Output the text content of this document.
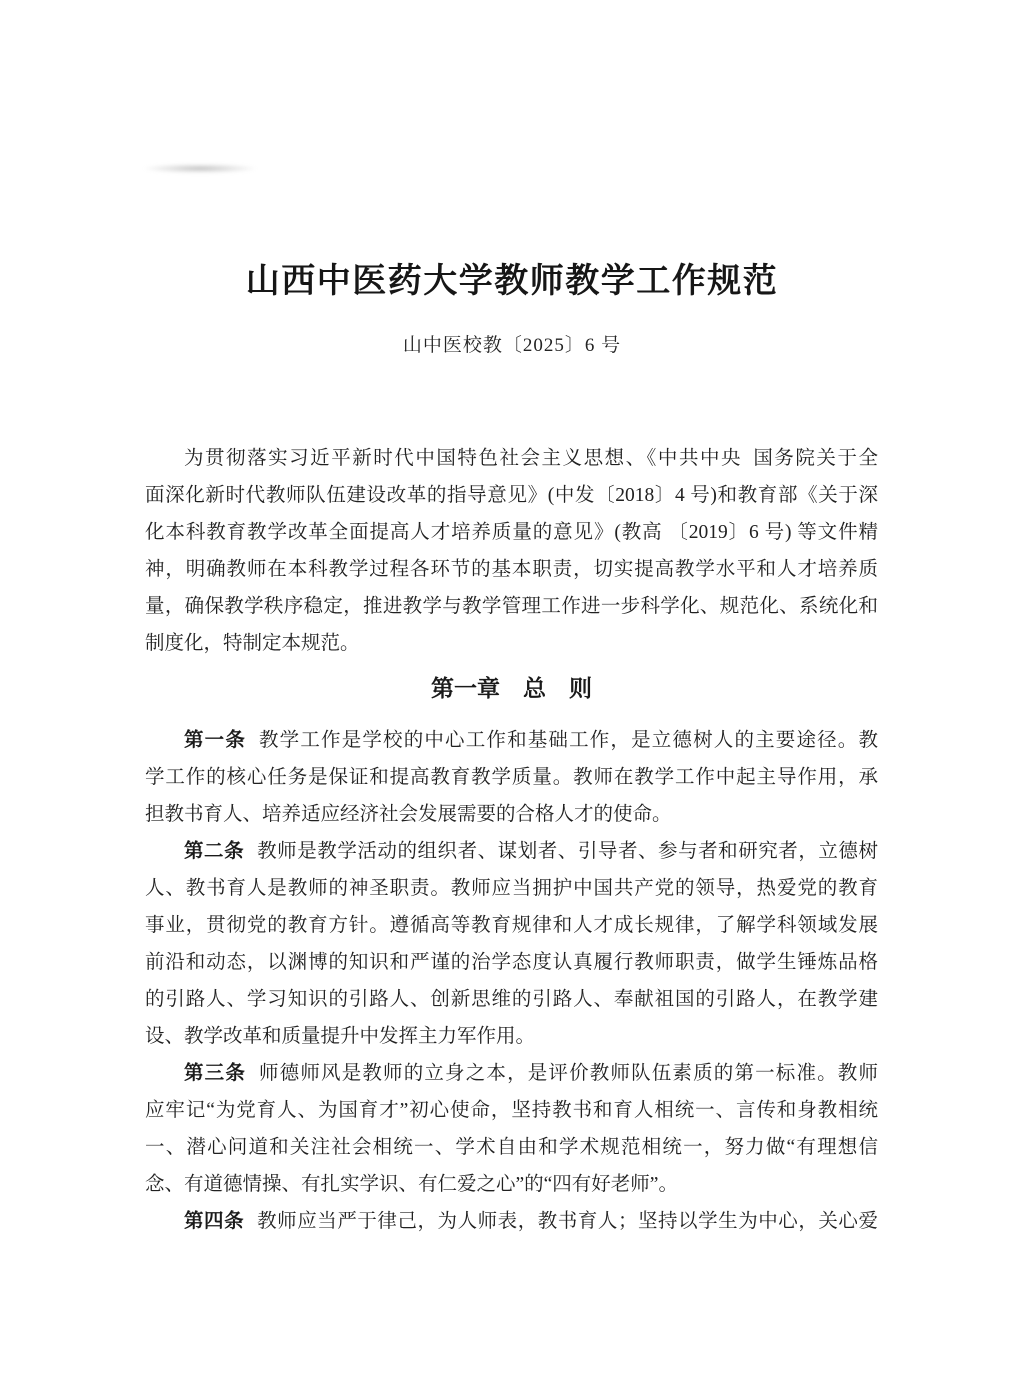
山西中医药大学教师教学工作规范
山中医校教〔2025〕6 号
为贯彻落实习近平新时代中国特色社会主义思想、《中共中央 国务院关于全
面深化新时代教师队伍建设改革的指导意见》(中发〔2018〕4 号)和教育部《关于深
化本科教育教学改革全面提高人才培养质量的意见》(教高 〔2019〕6 号) 等文件精
神，明确教师在本科教学过程各环节的基本职责，切实提高教学水平和人才培养质
量，确保教学秩序稳定，推进教学与教学管理工作进一步科学化、规范化、系统化和
制度化，特制定本规范。
第一章　总　则
第一条 教学工作是学校的中心工作和基础工作，是立德树人的主要途径。教
学工作的核心任务是保证和提高教育教学质量。教师在教学工作中起主导作用，承
担教书育人、培养适应经济社会发展需要的合格人才的使命。
第二条 教师是教学活动的组织者、谋划者、引导者、参与者和研究者，立德树
人、教书育人是教师的神圣职责。教师应当拥护中国共产党的领导，热爱党的教育
事业，贯彻党的教育方针。遵循高等教育规律和人才成长规律，了解学科领域发展
前沿和动态，以渊博的知识和严谨的治学态度认真履行教师职责，做学生锤炼品格
的引路人、学习知识的引路人、创新思维的引路人、奉献祖国的引路人，在教学建
设、教学改革和质量提升中发挥主力军作用。
第三条 师德师风是教师的立身之本，是评价教师队伍素质的第一标准。教师
应牢记“为党育人、为国育才”初心使命，坚持教书和育人相统一、言传和身教相统
一、潜心问道和关注社会相统一、学术自由和学术规范相统一，努力做“有理想信
念、有道德情操、有扎实学识、有仁爱之心”的“四有好老师”。
第四条 教师应当严于律己，为人师表，教书育人；坚持以学生为中心，关心爱
